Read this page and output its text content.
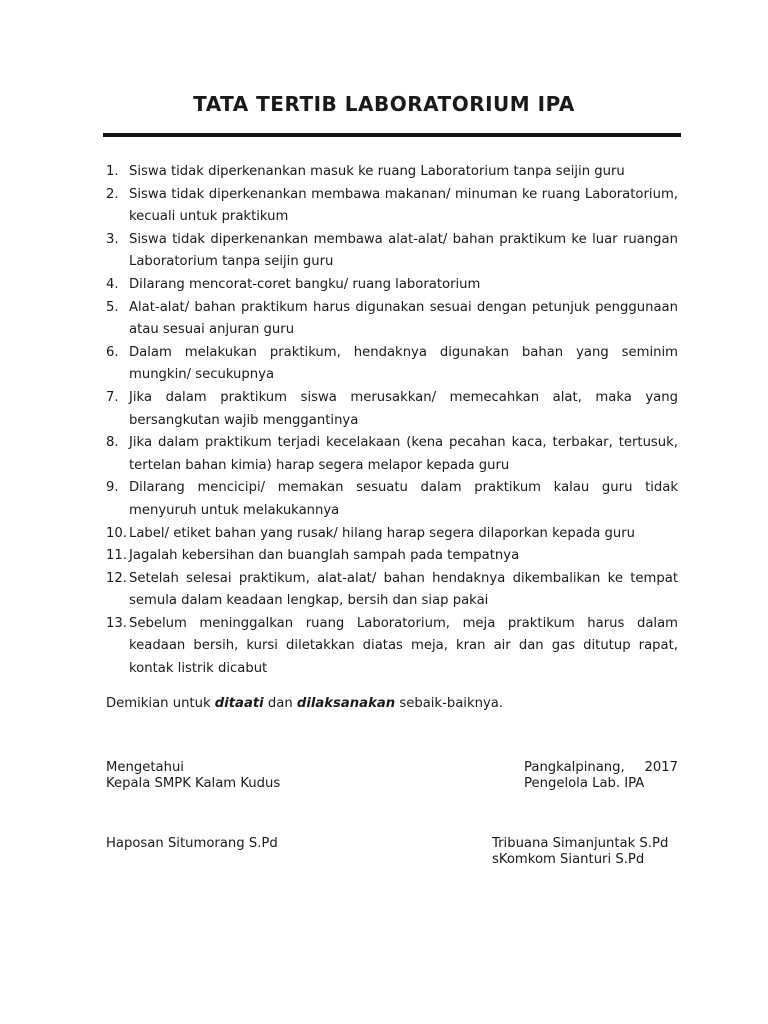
TATA TERTIB LABORATORIUM IPA
1. Siswa tidak diperkenankan masuk ke ruang Laboratorium tanpa seijin guru
2. Siswa tidak diperkenankan membawa makanan/ minuman ke ruang Laboratorium, kecuali untuk praktikum
3. Siswa tidak diperkenankan membawa alat-alat/ bahan praktikum ke luar ruangan Laboratorium tanpa seijin guru
4. Dilarang mencorat-coret bangku/ ruang laboratorium
5. Alat-alat/ bahan praktikum harus digunakan sesuai dengan petunjuk penggunaan atau sesuai anjuran guru
6. Dalam melakukan praktikum, hendaknya digunakan bahan yang seminim mungkin/ secukupnya
7. Jika dalam praktikum siswa merusakkan/ memecahkan alat, maka yang bersangkutan wajib menggantinya
8. Jika dalam praktikum terjadi kecelakaan (kena pecahan kaca, terbakar, tertusuk, tertelan bahan kimia) harap segera melapor kepada guru
9. Dilarang mencicipi/ memakan sesuatu dalam praktikum kalau guru tidak menyuruh untuk melakukannya
10. Label/ etiket bahan yang rusak/ hilang harap segera dilaporkan kepada guru
11. Jagalah kebersihan dan buanglah sampah pada tempatnya
12. Setelah selesai praktikum, alat-alat/ bahan hendaknya dikembalikan ke tempat semula dalam keadaan lengkap, bersih dan siap pakai
13. Sebelum meninggalkan ruang Laboratorium, meja praktikum harus dalam keadaan bersih, kursi diletakkan diatas meja, kran air dan gas ditutup rapat, kontak listrik dicabut

Demikian untuk ditaati dan dilaksanakan sebaik-baiknya.

Mengetahui
Kepala SMPK Kalam Kudus
Pangkalpinang, 2017
Pengelola Lab. IPA
Haposan Situmorang S.Pd	Tribuana Simanjuntak S.Pd
sKomkom Sianturi S.Pd
